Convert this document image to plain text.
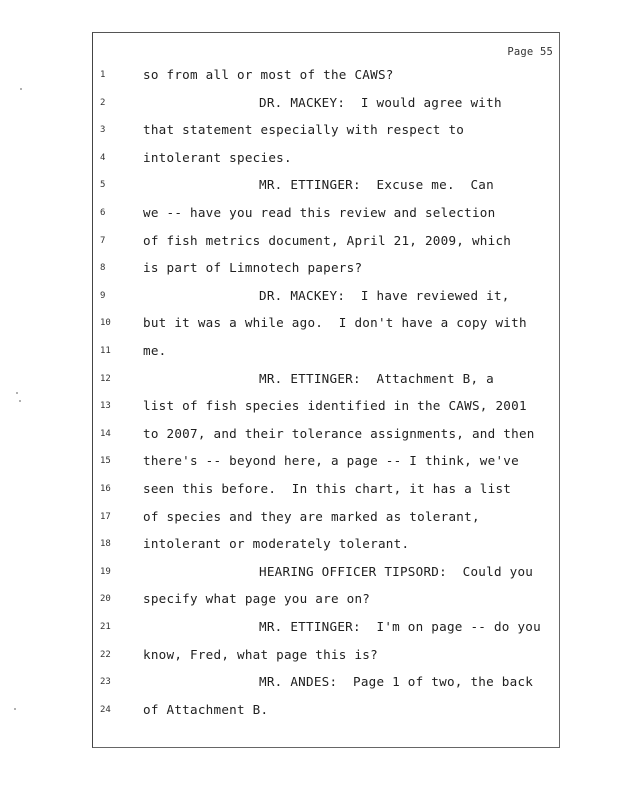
Page 55
1	so from all or most of the CAWS?
2	DR. MACKEY:  I would agree with
3	that statement especially with respect to
4	intolerant species.
5	MR. ETTINGER:  Excuse me.  Can
6	we -- have you read this review and selection
7	of fish metrics document, April 21, 2009, which
8	is part of Limnotech papers?
9	DR. MACKEY:  I have reviewed it,
10	but it was a while ago.  I don't have a copy with
11	me.
12	MR. ETTINGER:  Attachment B, a
13	list of fish species identified in the CAWS, 2001
14	to 2007, and their tolerance assignments, and then
15	there's -- beyond here, a page -- I think, we've
16	seen this before.  In this chart, it has a list
17	of species and they are marked as tolerant,
18	intolerant or moderately tolerant.
19	HEARING OFFICER TIPSORD:  Could you
20	specify what page you are on?
21	MR. ETTINGER:  I'm on page -- do you
22	know, Fred, what page this is?
23	MR. ANDES:  Page 1 of two, the back
24	of Attachment B.
